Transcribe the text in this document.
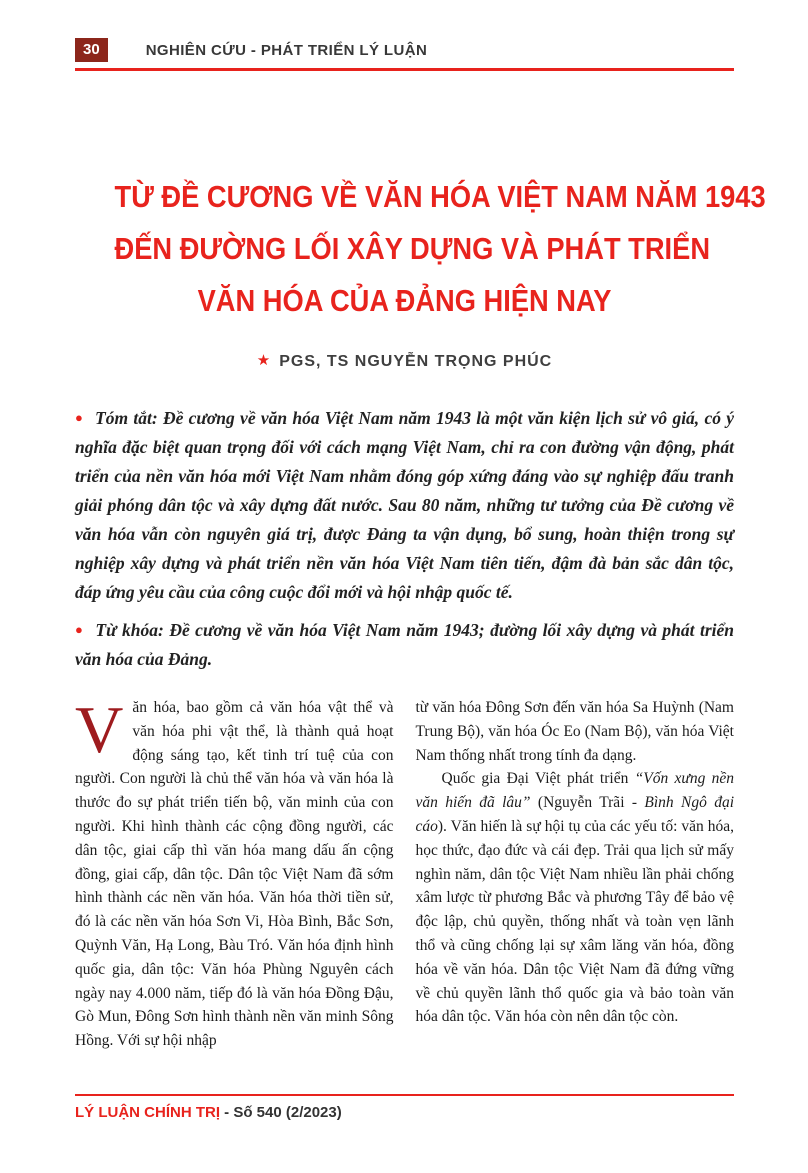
30	NGHIÊN CỨU - PHÁT TRIỂN LÝ LUẬN
TỪ ĐỀ CƯƠNG VỀ VĂN HÓA VIỆT NAM NĂM 1943
ĐẾN ĐƯỜNG LỐI XÂY DỰNG VÀ PHÁT TRIỂN
VĂN HÓA CỦA ĐẢNG HIỆN NAY
★ PGS, TS NGUYỄN TRỌNG PHÚC

● Tóm tắt: Đề cương về văn hóa Việt Nam năm 1943 là một văn kiện lịch sử vô giá, có ý nghĩa đặc biệt quan trọng đối với cách mạng Việt Nam, chỉ ra con đường vận động, phát triển của nền văn hóa mới Việt Nam nhằm đóng góp xứng đáng vào sự nghiệp đấu tranh giải phóng dân tộc và xây dựng đất nước. Sau 80 năm, những tư tưởng của Đề cương về văn hóa vẫn còn nguyên giá trị, được Đảng ta vận dụng, bổ sung, hoàn thiện trong sự nghiệp xây dựng và phát triển nền văn hóa Việt Nam tiên tiến, đậm đà bản sắc dân tộc, đáp ứng yêu cầu của công cuộc đổi mới và hội nhập quốc tế.

● Từ khóa: Đề cương về văn hóa Việt Nam năm 1943; đường lối xây dựng và phát triển văn hóa của Đảng.

Văn hóa, bao gồm cả văn hóa vật thể và văn hóa phi vật thể, là thành quả hoạt động sáng tạo, kết tinh trí tuệ của con người. Con người là chủ thể văn hóa và văn hóa là thước đo sự phát triển tiến bộ, văn minh của con người. Khi hình thành các cộng đồng người, các dân tộc, giai cấp thì văn hóa mang dấu ấn cộng đồng, giai cấp, dân tộc. Dân tộc Việt Nam đã sớm hình thành các nền văn hóa. Văn hóa thời tiền sử, đó là các nền văn hóa Sơn Vi, Hòa Bình, Bắc Sơn, Quỳnh Văn, Hạ Long, Bàu Tró. Văn hóa định hình quốc gia, dân tộc: Văn hóa Phùng Nguyên cách ngày nay 4.000 năm, tiếp đó là văn hóa Đồng Đậu, Gò Mun, Đông Sơn hình thành nền văn minh Sông Hồng. Với sự hội nhập

từ văn hóa Đông Sơn đến văn hóa Sa Huỳnh (Nam Trung Bộ), văn hóa Óc Eo (Nam Bộ), văn hóa Việt Nam thống nhất trong tính đa dạng.

Quốc gia Đại Việt phát triển “Vốn xưng nền văn hiến đã lâu” (Nguyễn Trãi - Bình Ngô đại cáo). Văn hiến là sự hội tụ của các yếu tố: văn hóa, học thức, đạo đức và cái đẹp. Trải qua lịch sử mấy nghìn năm, dân tộc Việt Nam nhiều lần phải chống xâm lược từ phương Bắc và phương Tây để bảo vệ độc lập, chủ quyền, thống nhất và toàn vẹn lãnh thổ và cũng chống lại sự xâm lăng văn hóa, đồng hóa về văn hóa. Dân tộc Việt Nam đã đứng vững về chủ quyền lãnh thổ quốc gia và bảo toàn văn hóa dân tộc. Văn hóa còn nên dân tộc còn.

LÝ LUẬN CHÍNH TRỊ - Số 540 (2/2023)
